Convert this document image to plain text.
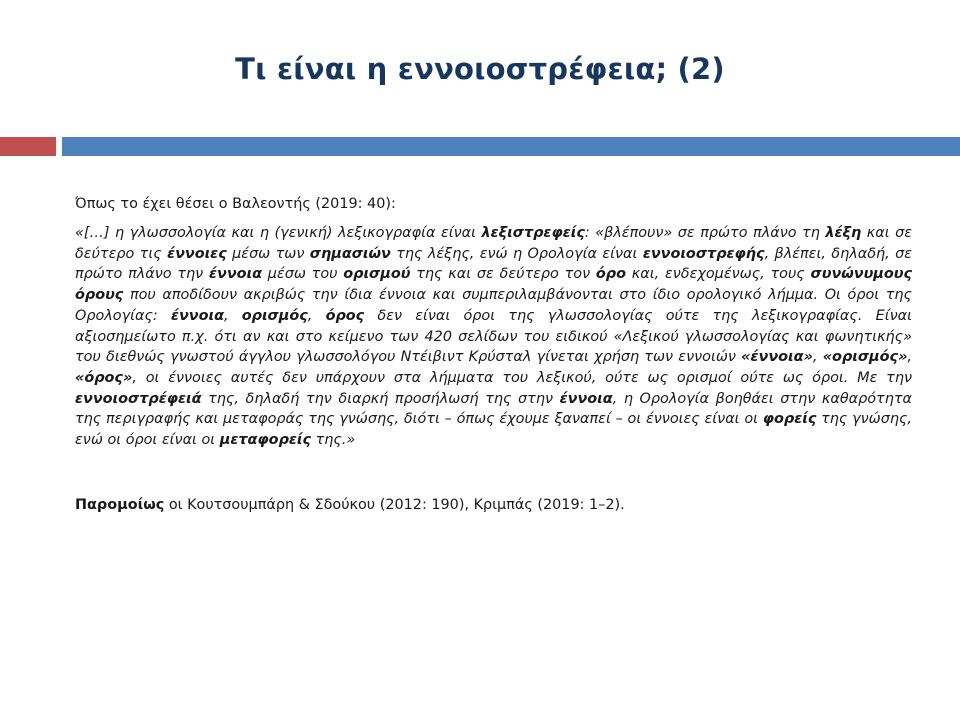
Τι είναι η εννοιοστρέφεια; (2)

Όπως το έχει θέσει ο Βαλεοντής (2019: 40):

«[…] η γλωσσολογία και η (γενική) λεξικογραφία είναι λεξιστρεφείς: «βλέπουν» σε πρώτο πλάνο τη λέξη και σε δεύτερο τις έννοιες μέσω των σημασιών της λέξης, ενώ η Ορολογία είναι εννοιοστρεφής, βλέπει, δηλαδή, σε πρώτο πλάνο την έννοια μέσω του ορισμού της και σε δεύτερο τον όρο και, ενδεχομένως, τους συνώνυμους όρους που αποδίδουν ακριβώς την ίδια έννοια και συμπεριλαμβάνονται στο ίδιο ορολογικό λήμμα. Οι όροι της Ορολογίας: έννοια, ορισμός, όρος δεν είναι όροι της γλωσσολογίας ούτε της λεξικογραφίας. Είναι αξιοσημείωτο π.χ. ότι αν και στο κείμενο των 420 σελίδων του ειδικού «Λεξικού γλωσσολογίας και φωνητικής» του διεθνώς γνωστού άγγλου γλωσσολόγου Ντέιβιντ Κρύσταλ γίνεται χρήση των εννοιών «έννοια», «ορισμός», «όρος», οι έννοιες αυτές δεν υπάρχουν στα λήμματα του λεξικού, ούτε ως ορισμοί ούτε ως όροι. Με την εννοιοστρέφειά της, δηλαδή την διαρκή προσήλωσή της στην έννοια, η Ορολογία βοηθάει στην καθαρότητα της περιγραφής και μεταφοράς της γνώσης, διότι – όπως έχουμε ξαναπεί – οι έννοιες είναι οι φορείς της γνώσης, ενώ οι όροι είναι οι μεταφορείς της.»

Παρομοίως οι Κουτσουμπάρη & Σδούκου (2012: 190), Κριμπάς (2019: 1–2).
